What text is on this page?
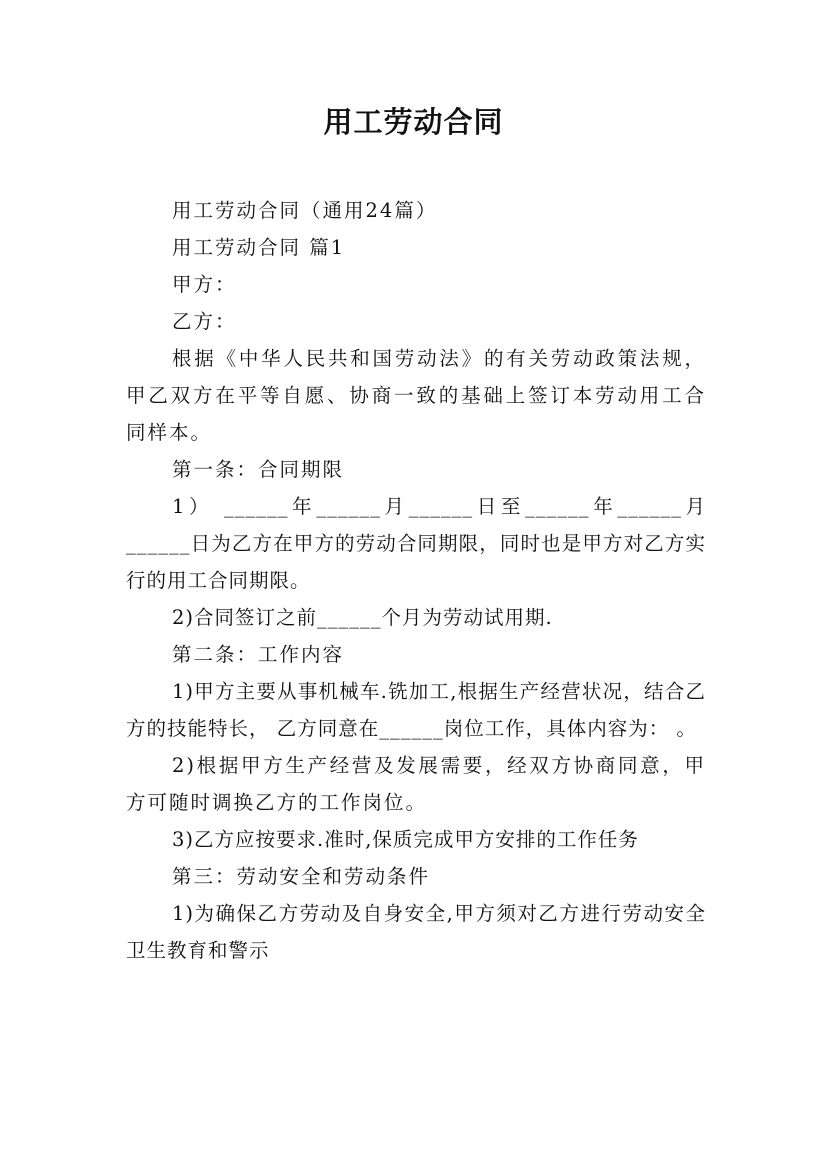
用工劳动合同

用工劳动合同（通用24篇）

用工劳动合同 篇1

甲方：

乙方：

根据《中华人民共和国劳动法》的有关劳动政策法规，甲乙双方在平等自愿、协商一致的基础上签订本劳动用工合同样本。

第一条：合同期限

1） ______年______月______日至______年______月______日为乙方在甲方的劳动合同期限，同时也是甲方对乙方实行的用工合同期限。

2)合同签订之前______个月为劳动试用期.

第二条：工作内容

1)甲方主要从事机械车.铣加工,根据生产经营状况，结合乙方的技能特长， 乙方同意在______岗位工作，具体内容为： 。

2)根据甲方生产经营及发展需要，经双方协商同意，甲方可随时调换乙方的工作岗位。

3)乙方应按要求.准时,保质完成甲方安排的工作任务

第三：劳动安全和劳动条件

1)为确保乙方劳动及自身安全,甲方须对乙方进行劳动安全卫生教育和警示
